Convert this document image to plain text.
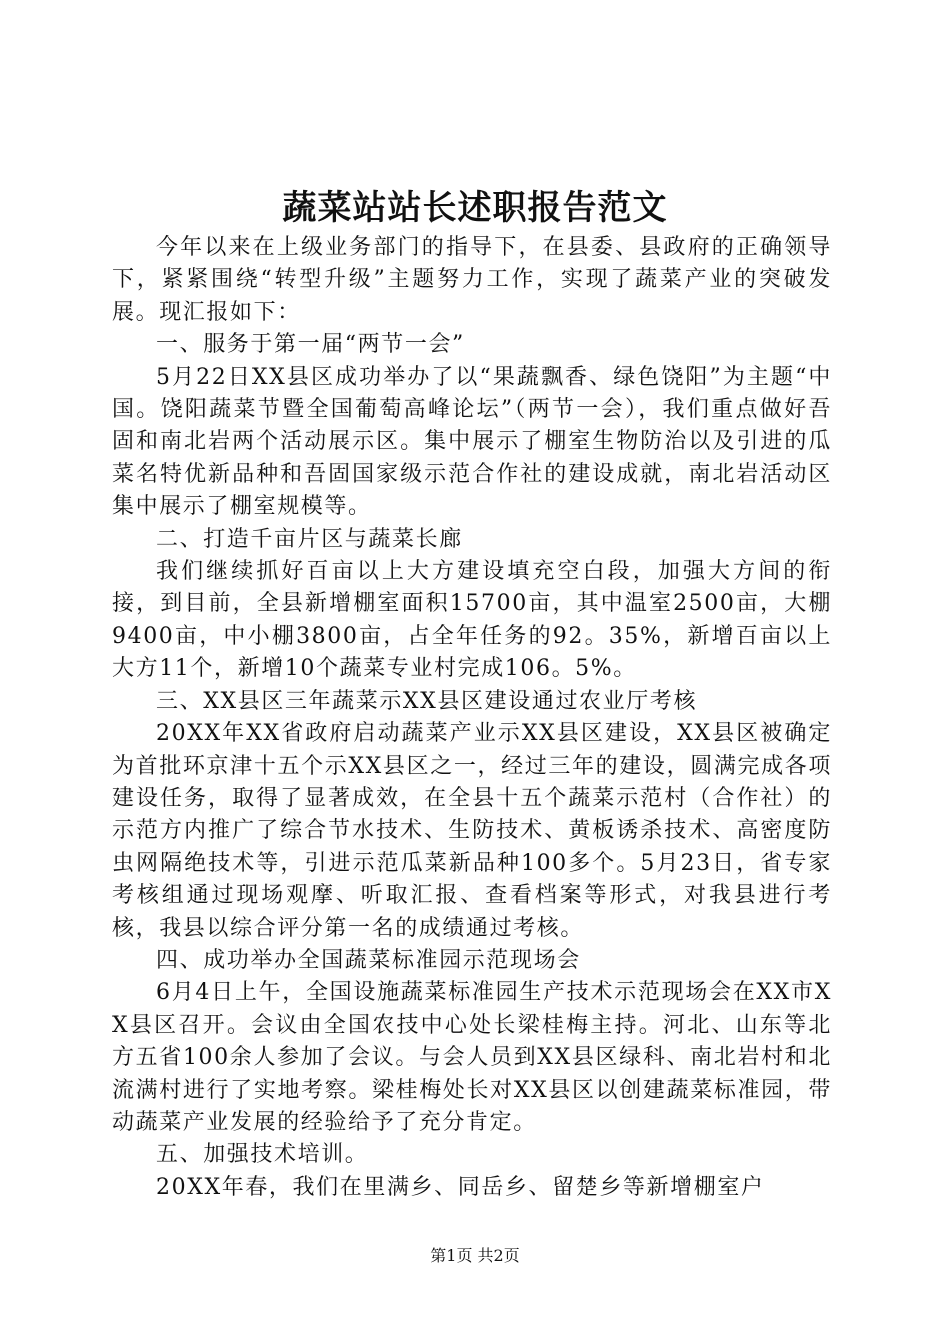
蔬菜站站长述职报告范文

今年以来在上级业务部门的指导下，在县委、县政府的正确领导下，紧紧围绕“转型升级”主题努力工作，实现了蔬菜产业的突破发展。现汇报如下：

一、服务于第一届“两节一会”

5月22日XX县区成功举办了以“果蔬飘香、绿色饶阳”为主题“中国。饶阳蔬菜节暨全国葡萄高峰论坛”（两节一会），我们重点做好吾固和南北岩两个活动展示区。集中展示了棚室生物防治以及引进的瓜菜名特优新品种和吾固国家级示范合作社的建设成就，南北岩活动区集中展示了棚室规模等。

二、打造千亩片区与蔬菜长廊

我们继续抓好百亩以上大方建设填充空白段，加强大方间的衔接，到目前，全县新增棚室面积15700亩，其中温室2500亩，大棚9400亩，中小棚3800亩，占全年任务的92。35%，新增百亩以上大方11个，新增10个蔬菜专业村完成106。5%。

三、XX县区三年蔬菜示XX县区建设通过农业厅考核

20XX年XX省政府启动蔬菜产业示XX县区建设，XX县区被确定为首批环京津十五个示XX县区之一，经过三年的建设，圆满完成各项建设任务，取得了显著成效，在全县十五个蔬菜示范村（合作社）的示范方内推广了综合节水技术、生防技术、黄板诱杀技术、高密度防虫网隔绝技术等，引进示范瓜菜新品种100多个。5月23日，省专家考核组通过现场观摩、听取汇报、查看档案等形式，对我县进行考核，我县以综合评分第一名的成绩通过考核。

四、成功举办全国蔬菜标准园示范现场会

6月4日上午，全国设施蔬菜标准园生产技术示范现场会在XX市XX县区召开。会议由全国农技中心处长梁桂梅主持。河北、山东等北方五省100余人参加了会议。与会人员到XX县区绿科、南北岩村和北流满村进行了实地考察。梁桂梅处长对XX县区以创建蔬菜标准园，带动蔬菜产业发展的经验给予了充分肯定。

五、加强技术培训。

20XX年春，我们在里满乡、同岳乡、留楚乡等新增棚室户

第1页 共2页
